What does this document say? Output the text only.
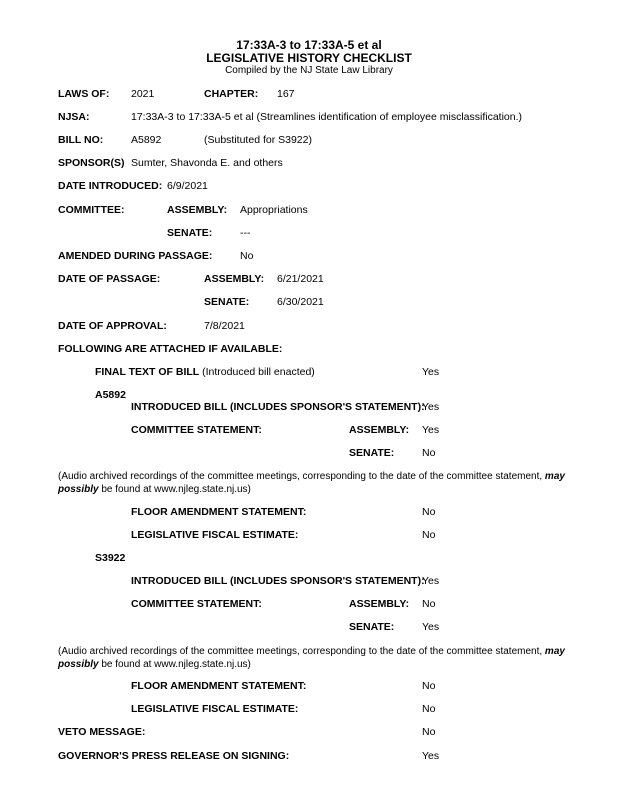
17:33A-3 to 17:33A-5 et al
LEGISLATIVE HISTORY CHECKLIST
Compiled by the NJ State Law Library
LAWS OF: 2021	CHAPTER: 167
NJSA:	17:33A-3 to 17:33A-5 et al (Streamlines identification of employee misclassification.)
BILL NO:	A5892	(Substituted for S3922)
SPONSOR(S) Sumter, Shavonda E. and others
DATE INTRODUCED: 6/9/2021
COMMITTEE:	ASSEMBLY: Appropriations
SENATE:	---
AMENDED DURING PASSAGE:	No
DATE OF PASSAGE:	ASSEMBLY: 6/21/2021
SENATE:	6/30/2021
DATE OF APPROVAL:	7/8/2021
FOLLOWING ARE ATTACHED IF AVAILABLE:
FINAL TEXT OF BILL (Introduced bill enacted)	Yes
A5892
INTRODUCED BILL (INCLUDES SPONSOR'S STATEMENT):
Yes
COMMITTEE STATEMENT:	ASSEMBLY: Yes
SENATE:	No
(Audio archived recordings of the committee meetings, corresponding to the date of the committee statement, may possibly be found at www.njleg.state.nj.us)
FLOOR AMENDMENT STATEMENT:	No
LEGISLATIVE FISCAL ESTIMATE:	No
S3922
INTRODUCED BILL (INCLUDES SPONSOR'S STATEMENT):
Yes
COMMITTEE STATEMENT:	ASSEMBLY: No
SENATE:	Yes
(Audio archived recordings of the committee meetings, corresponding to the date of the committee statement, may possibly be found at www.njleg.state.nj.us)
FLOOR AMENDMENT STATEMENT:	No
LEGISLATIVE FISCAL ESTIMATE:	No
VETO MESSAGE:	No
GOVERNOR'S PRESS RELEASE ON SIGNING:	Yes
